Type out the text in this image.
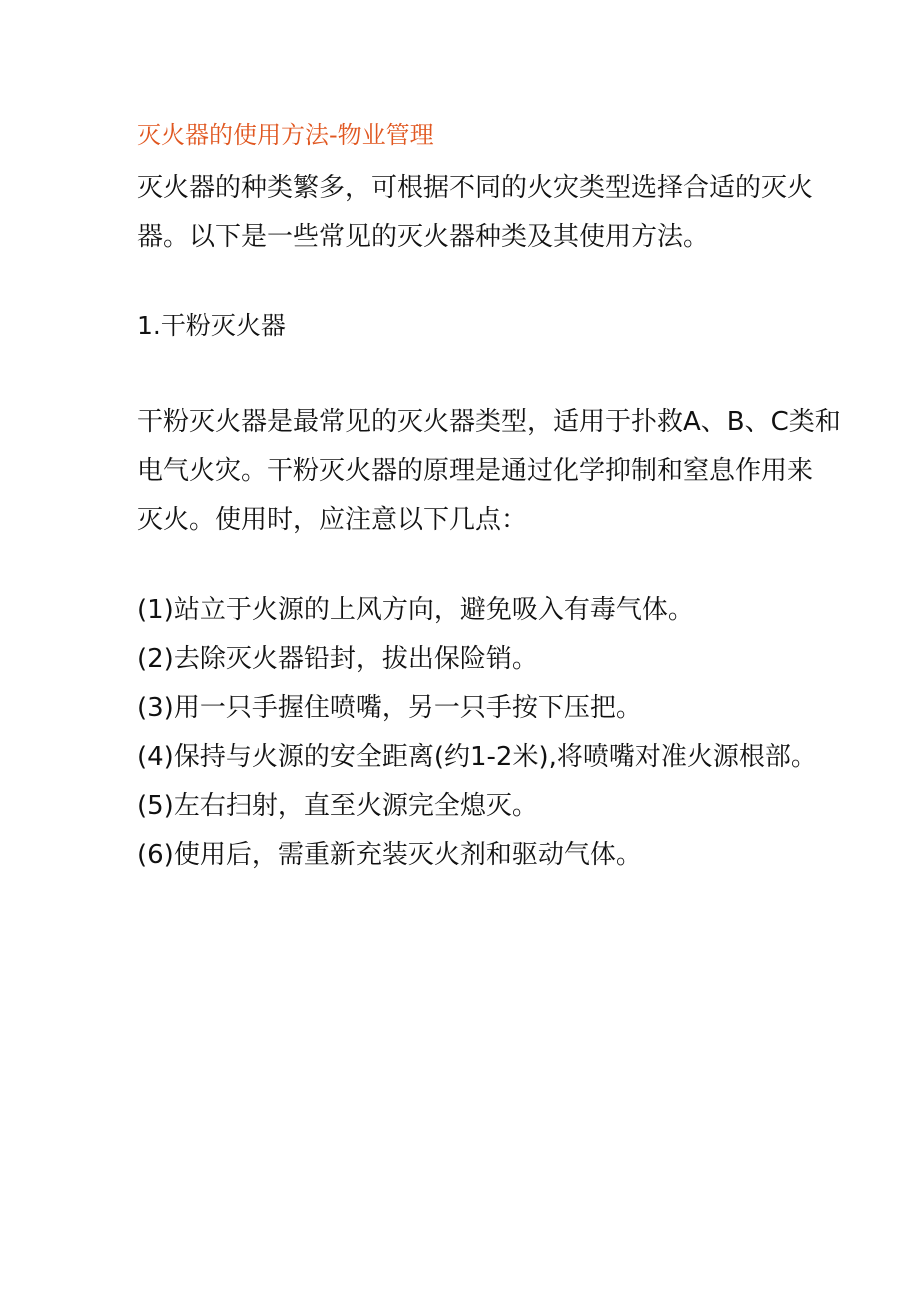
灭火器的使用方法-物业管理

灭火器的种类繁多，可根据不同的火灾类型选择合适的灭火
器。以下是一些常见的灭火器种类及其使用方法。

1.干粉灭火器

干粉灭火器是最常见的灭火器类型，适用于扑救A、B、C类和
电气火灾。干粉灭火器的原理是通过化学抑制和窒息作用来
灭火。使用时，应注意以下几点：

(1)站立于火源的上风方向，避免吸入有毒气体。
(2)去除灭火器铅封，拔出保险销。
(3)用一只手握住喷嘴，另一只手按下压把。
(4)保持与火源的安全距离(约1-2米),将喷嘴对准火源根部。
(5)左右扫射，直至火源完全熄灭。
(6)使用后，需重新充装灭火剂和驱动气体。
